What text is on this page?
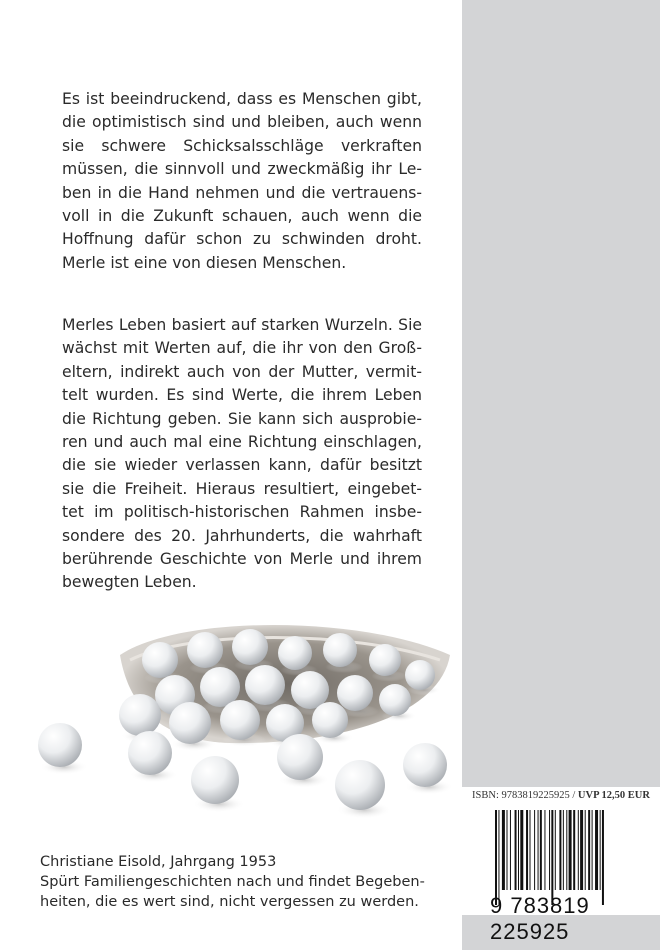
Es ist beeindruckend, dass es Menschen gibt,
die optimistisch sind und bleiben, auch wenn
sie schwere Schicksalsschläge verkraften
müssen, die sinnvoll und zweckmäßig ihr Le-
ben in die Hand nehmen und die vertrauens-
voll in die Zukunft schauen, auch wenn die
Hoffnung dafür schon zu schwinden droht.
Merle ist eine von diesen Menschen.
Merles Leben basiert auf starken Wurzeln. Sie
wächst mit Werten auf, die ihr von den Groß-
eltern, indirekt auch von der Mutter, vermit-
telt wurden. Es sind Werte, die ihrem Leben
die Richtung geben. Sie kann sich ausprobie-
ren und auch mal eine Richtung einschlagen,
die sie wieder verlassen kann, dafür besitzt
sie die Freiheit. Hieraus resultiert, eingebet-
tet im politisch-historischen Rahmen insbe-
sondere des 20. Jahrhunderts, die wahrhaft
berührende Geschichte von Merle und ihrem
bewegten Leben.
Christiane Eisold, Jahrgang 1953
Spürt Familiengeschichten nach und findet Begeben-
heiten, die es wert sind, nicht vergessen zu werden.
ISBN: 9783819225925 / UVP 12,50 EUR
9 783819 225925
